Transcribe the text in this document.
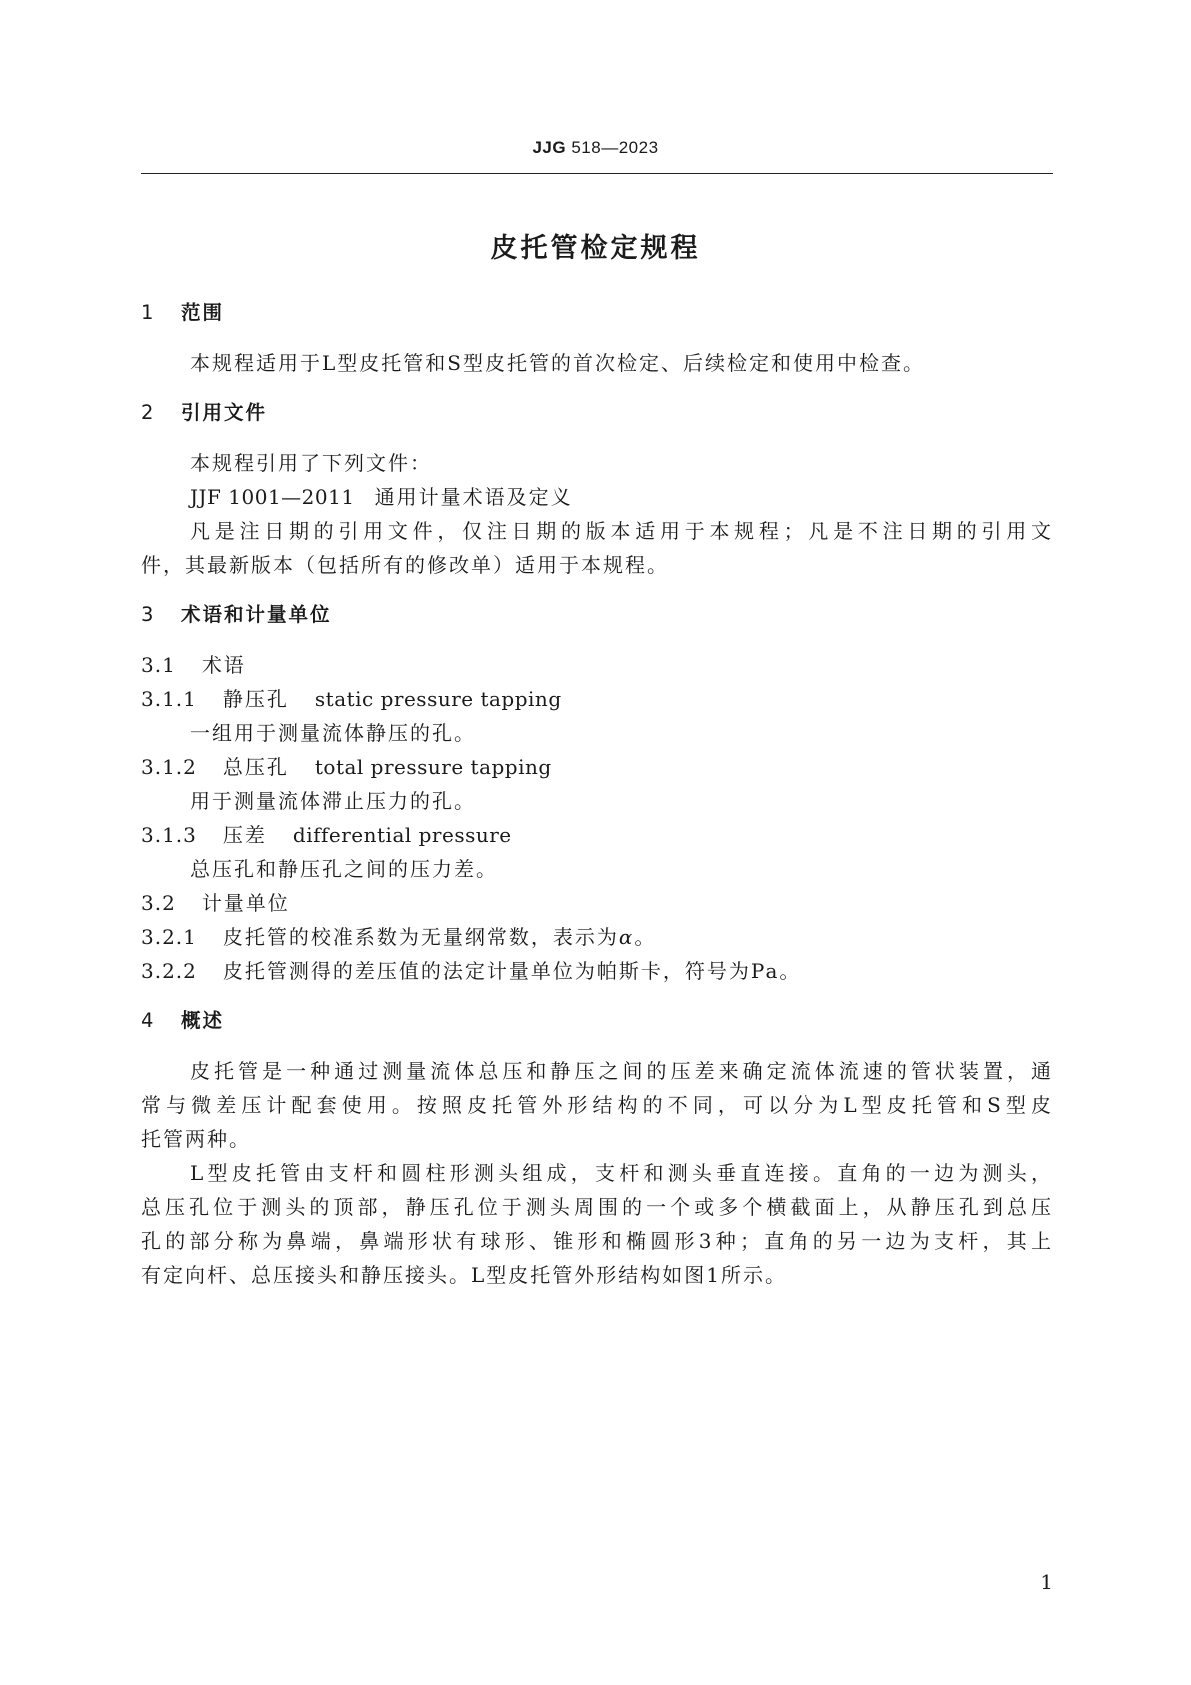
JJG 518—2023
皮托管检定规程
1 范围
本规程适用于L型皮托管和S型皮托管的首次检定、后续检定和使用中检查。
2 引用文件
本规程引用了下列文件：
JJF 1001—2011 通用计量术语及定义
凡是注日期的引用文件，仅注日期的版本适用于本规程；凡是不注日期的引用文
件，其最新版本（包括所有的修改单）适用于本规程。
3 术语和计量单位
3.1 术语
3.1.1 静压孔 static pressure tapping
一组用于测量流体静压的孔。
3.1.2 总压孔 total pressure tapping
用于测量流体滞止压力的孔。
3.1.3 压差 differential pressure
总压孔和静压孔之间的压力差。
3.2 计量单位
3.2.1 皮托管的校准系数为无量纲常数，表示为α。
3.2.2 皮托管测得的差压值的法定计量单位为帕斯卡，符号为Pa。
4 概述
皮托管是一种通过测量流体总压和静压之间的压差来确定流体流速的管状装置，通
常与微差压计配套使用。按照皮托管外形结构的不同，可以分为L型皮托管和S型皮
托管两种。
L型皮托管由支杆和圆柱形测头组成，支杆和测头垂直连接。直角的一边为测头，
总压孔位于测头的顶部，静压孔位于测头周围的一个或多个横截面上，从静压孔到总压
孔的部分称为鼻端，鼻端形状有球形、锥形和椭圆形3种；直角的另一边为支杆，其上
有定向杆、总压接头和静压接头。L型皮托管外形结构如图1所示。
1
